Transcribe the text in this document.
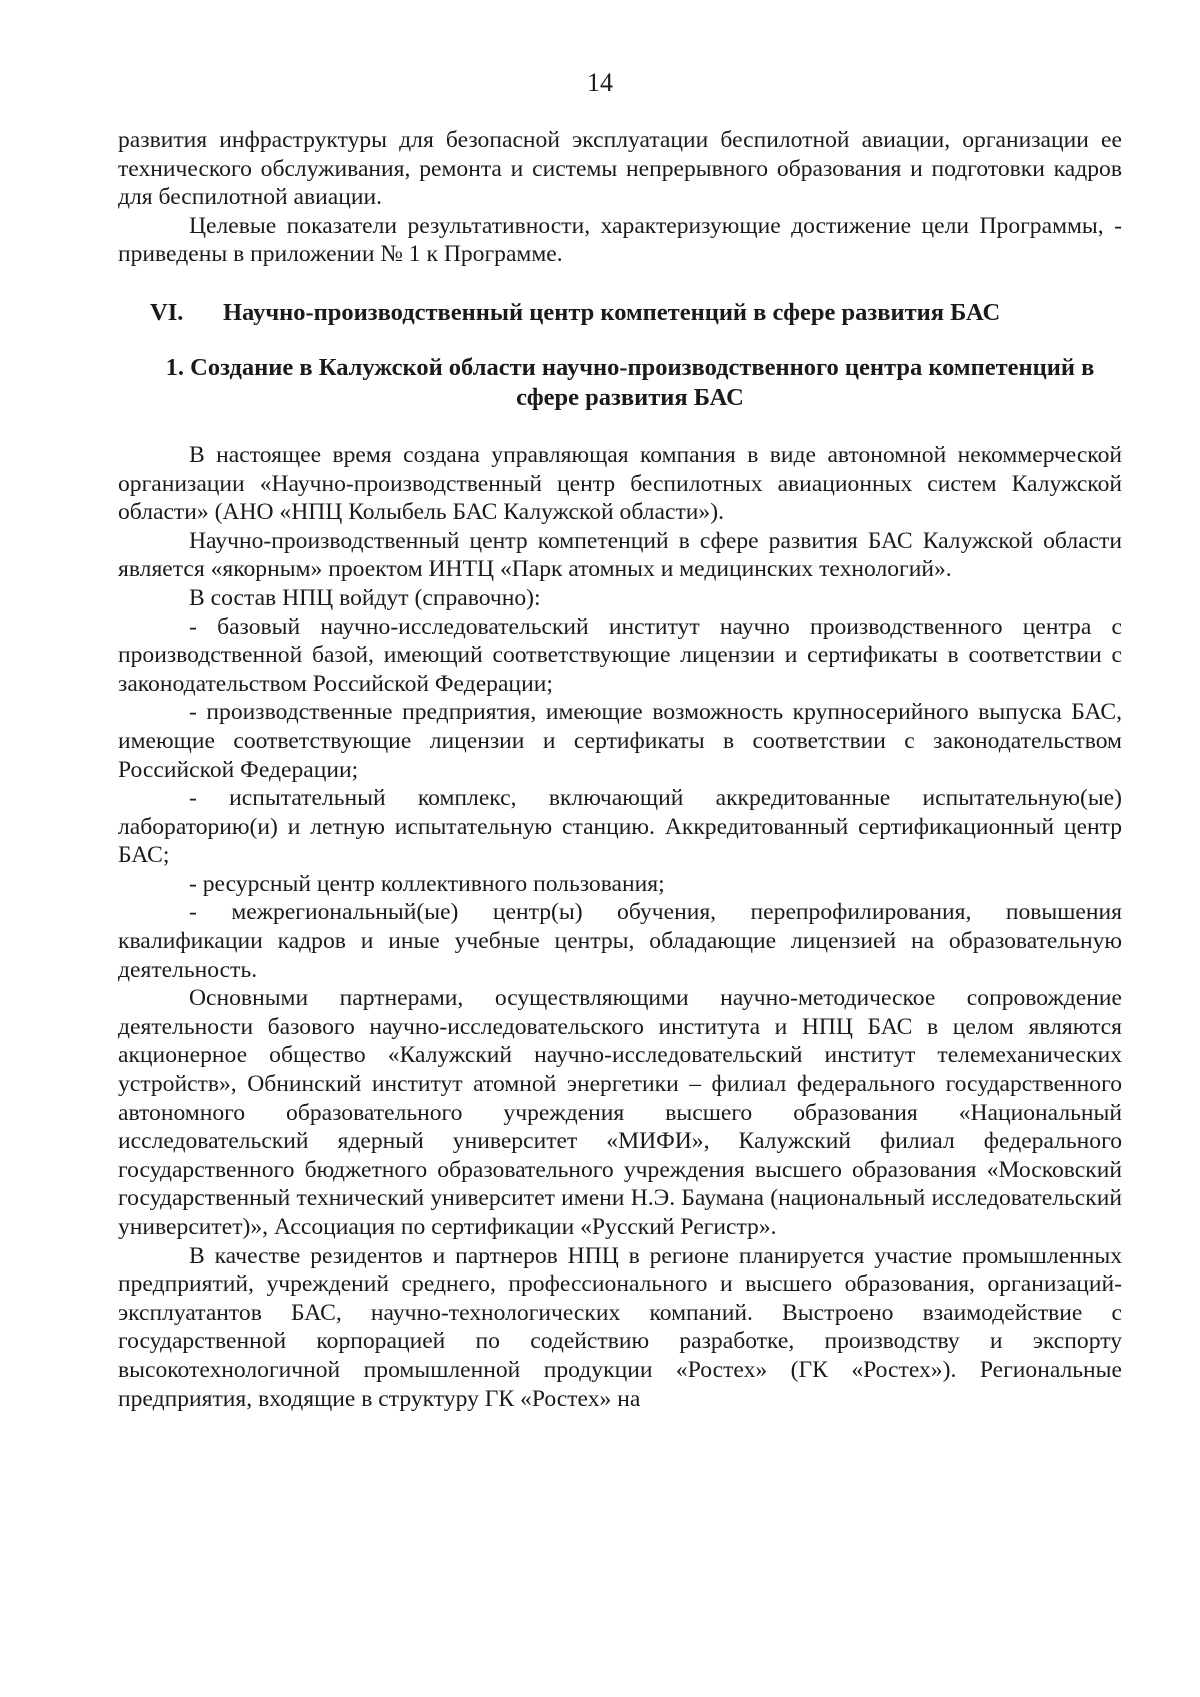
14

развития инфраструктуры для безопасной эксплуатации беспилотной авиации, организации ее технического обслуживания, ремонта и системы непрерывного образования и подготовки кадров для беспилотной авиации.

Целевые показатели результативности, характеризующие достижение цели Программы, - приведены в приложении № 1 к Программе.

VI.	Научно-производственный центр компетенций в сфере развития БАС
1. Создание в Калужской области научно-производственного центра компетенций в сфере развития БАС

В настоящее время создана управляющая компания в виде автономной некоммерческой организации «Научно-производственный центр беспилотных авиационных систем Калужской области» (АНО «НПЦ Колыбель БАС Калужской области»).

Научно-производственный центр компетенций в сфере развития БАС Калужской области является «якорным» проектом ИНТЦ «Парк атомных и медицинских технологий».

В состав НПЦ войдут (справочно):

- базовый научно-исследовательский институт научно производственного центра с производственной базой, имеющий соответствующие лицензии и сертификаты в соответствии с законодательством Российской Федерации;

- производственные предприятия, имеющие возможность крупносерийного выпуска БАС, имеющие соответствующие лицензии и сертификаты в соответствии с законодательством Российской Федерации;

- испытательный комплекс, включающий аккредитованные испытательную(ые) лабораторию(и) и летную испытательную станцию. Аккредитованный сертификационный центр БАС;

- ресурсный центр коллективного пользования;

- межрегиональный(ые) центр(ы) обучения, перепрофилирования, повышения квалификации кадров и иные учебные центры, обладающие лицензией на образовательную деятельность.

Основными партнерами, осуществляющими научно-методическое сопровождение деятельности базового научно-исследовательского института и НПЦ БАС в целом являются акционерное общество «Калужский научно-исследовательский институт телемеханических устройств», Обнинский институт атомной энергетики – филиал федерального государственного автономного образовательного учреждения высшего образования «Национальный исследовательский ядерный университет «МИФИ», Калужский филиал федерального государственного бюджетного образовательного учреждения высшего образования «Московский государственный технический университет имени Н.Э. Баумана (национальный исследовательский университет)», Ассоциация по сертификации «Русский Регистр».

В качестве резидентов и партнеров НПЦ в регионе планируется участие промышленных предприятий, учреждений среднего, профессионального и высшего образования, организаций-эксплуатантов БАС, научно-технологических компаний. Выстроено взаимодействие с государственной корпорацией по содействию разработке, производству и экспорту высокотехнологичной промышленной продукции «Ростех» (ГК «Ростех»). Региональные предприятия, входящие в структуру ГК «Ростех» на
